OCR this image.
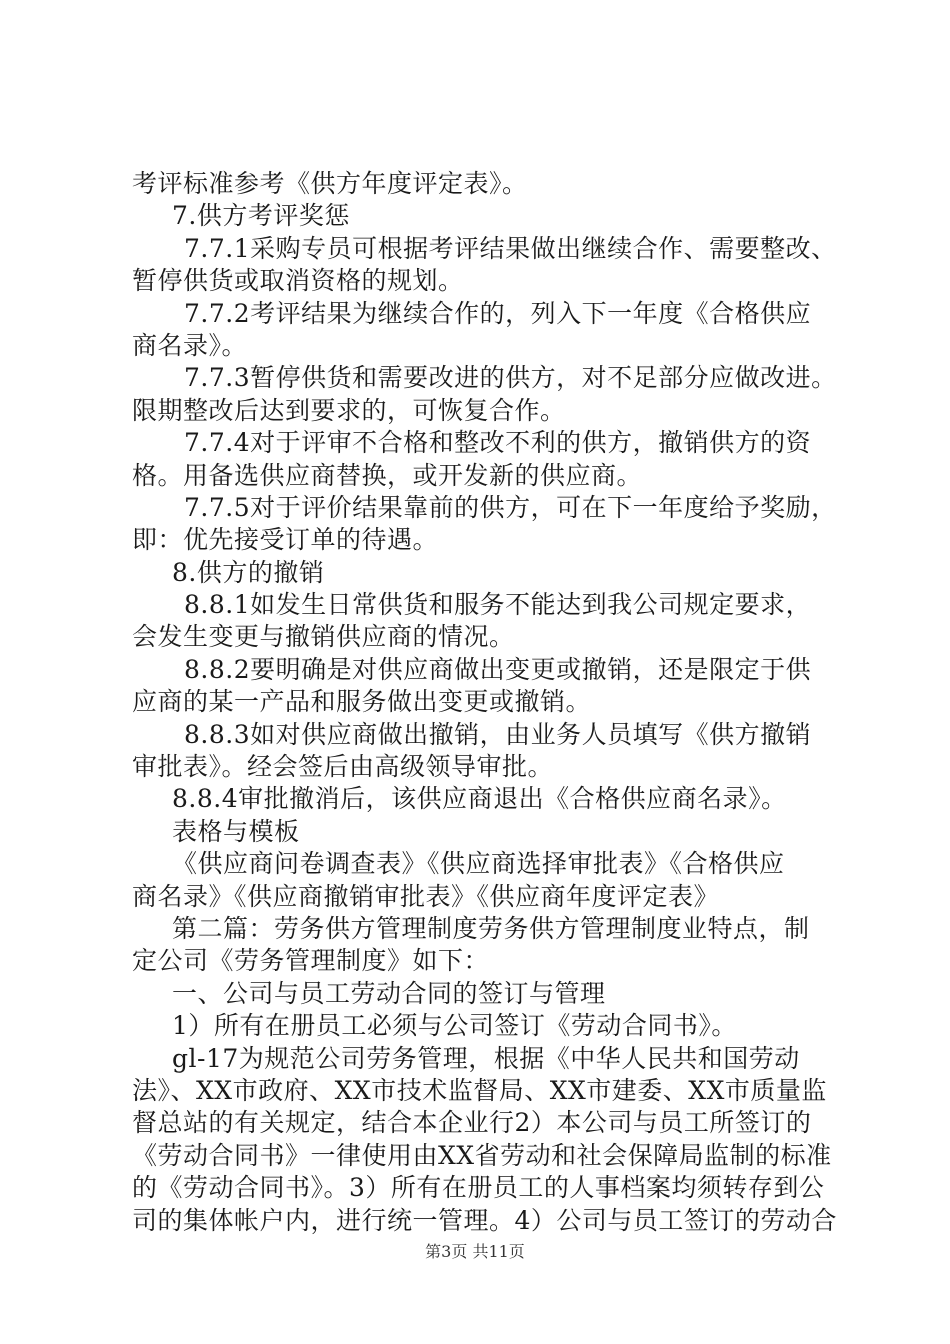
考评标准参考《供方年度评定表》。
7.供方考评奖惩
7.7.1采购专员可根据考评结果做出继续合作、需要整改、
暂停供货或取消资格的规划。
7.7.2考评结果为继续合作的，列入下一年度《合格供应
商名录》。
7.7.3暂停供货和需要改进的供方，对不足部分应做改进。
限期整改后达到要求的，可恢复合作。
7.7.4对于评审不合格和整改不利的供方，撤销供方的资
格。用备选供应商替换，或开发新的供应商。
7.7.5对于评价结果靠前的供方，可在下一年度给予奖励，
即：优先接受订单的待遇。
8.供方的撤销
8.8.1如发生日常供货和服务不能达到我公司规定要求，
会发生变更与撤销供应商的情况。
8.8.2要明确是对供应商做出变更或撤销，还是限定于供
应商的某一产品和服务做出变更或撤销。
8.8.3如对供应商做出撤销，由业务人员填写《供方撤销
审批表》。经会签后由高级领导审批。
8.8.4审批撤消后，该供应商退出《合格供应商名录》。
表格与模板
《供应商问卷调查表》《供应商选择审批表》《合格供应
商名录》《供应商撤销审批表》《供应商年度评定表》
第二篇：劳务供方管理制度劳务供方管理制度业特点，制
定公司《劳务管理制度》如下：
一、公司与员工劳动合同的签订与管理
1）所有在册员工必须与公司签订《劳动合同书》。
gl-17为规范公司劳务管理，根据《中华人民共和国劳动
法》、XX市政府、XX市技术监督局、XX市建委、XX市质量监
督总站的有关规定，结合本企业行2）本公司与员工所签订的
《劳动合同书》一律使用由XX省劳动和社会保障局监制的标准
的《劳动合同书》。3）所有在册员工的人事档案均须转存到公
司的集体帐户内，进行统一管理。4）公司与员工签订的劳动合
第3页 共11页
